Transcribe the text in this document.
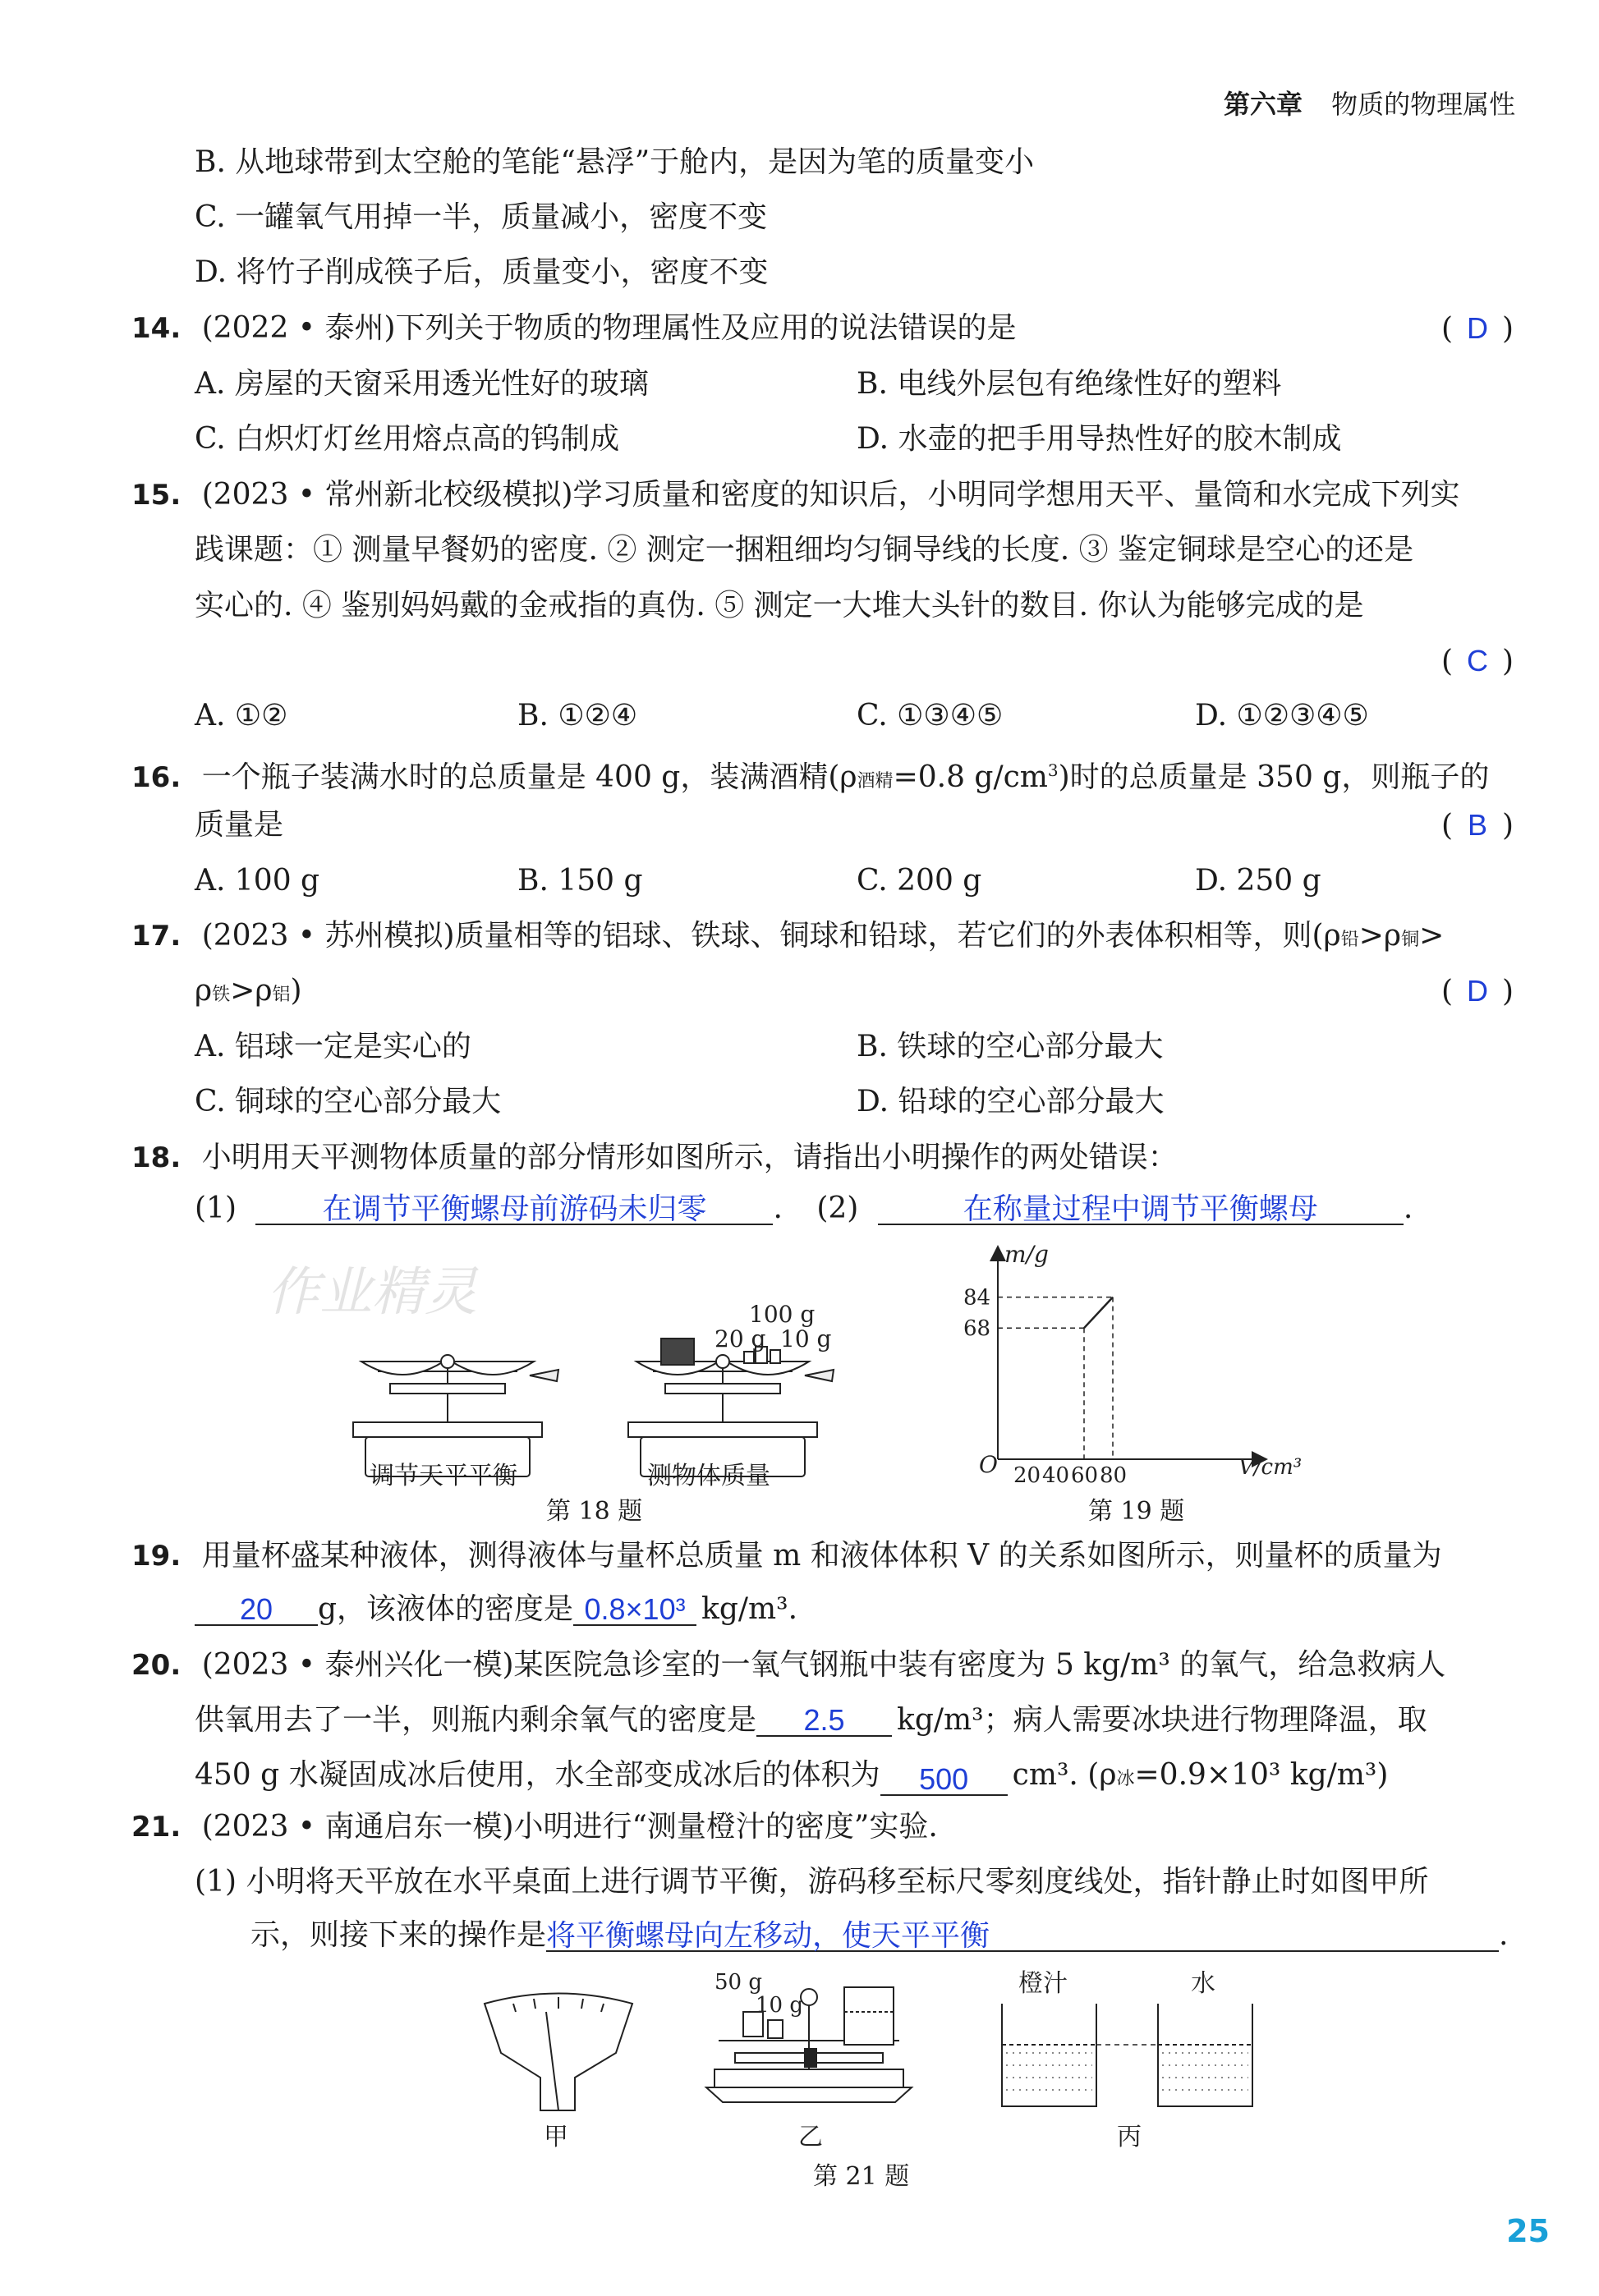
第六章 物质的物理属性
B. 从地球带到太空舱的笔能“悬浮”于舱内，是因为笔的质量变小
C. 一罐氧气用掉一半，质量减小，密度不变
D. 将竹子削成筷子后，质量变小，密度不变
14. (2022 • 泰州)下列关于物质的物理属性及应用的说法错误的是	( D )
A. 房屋的天窗采用透光性好的玻璃	B. 电线外层包有绝缘性好的塑料
C. 白炽灯灯丝用熔点高的钨制成	D. 水壶的把手用导热性好的胶木制成
15. (2023 • 常州新北校级模拟)学习质量和密度的知识后，小明同学想用天平、量筒和水完成下列实
践课题：① 测量早餐奶的密度. ② 测定一捆粗细均匀铜导线的长度. ③ 鉴定铜球是空心的还是
实心的. ④ 鉴别妈妈戴的金戒指的真伪. ⑤ 测定一大堆大头针的数目. 你认为能够完成的是
( C )
A. ①②	B. ①②④	C. ①③④⑤	D. ①②③④⑤
16. 一个瓶子装满水时的总质量是 400 g，装满酒精(ρ酒精=0.8 $g/cm^3$)时的总质量是 350 g，则瓶子的
质量是	( B )
A. 100 g	B. 150 g	C. 200 g	D. 250 g
17. (2023 • 苏州模拟)质量相等的铝球、铁球、铜球和铅球，若它们的外表体积相等，则(ρ铅>ρ铜>
ρ铁>ρ铝)	( D )
A. 铝球一定是实心的	B. 铁球的空心部分最大
C. 铜球的空心部分最大	D. 铅球的空心部分最大
18. 小明用天平测物体质量的部分情形如图所示，请指出小明操作的两处错误：
(1)	在调节平衡螺母前游码未归零 . (2)	在称量过程中调节平衡螺母	.
作业精灵	100 g
20 g 10 g
调节天平平衡	测物体质量
第 18 题
m/g
V/cm³
O 20 40 60 80
68
84
第 19 题
19. 用量杯盛某种液体，测得液体与量杯总质量 m 和液体体积 V 的关系如图所示，则量杯的质量为
20 g，该液体的密度是 0.8×10³ kg/m³.
20. (2023 • 泰州兴化一模)某医院急诊室的一氧气钢瓶中装有密度为 5 kg/m³ 的氧气，给急救病人
供氧用去了一半，则瓶内剩余氧气的密度是 2.5 kg/m³；病人需要冰块进行物理降温，取
450 g 水凝固成冰后使用，水全部变成冰后的体积为 500 cm³. (ρ冰=0.9×10³ kg/m³)
21. (2023 • 南通启东一模)小明进行“测量橙汁的密度”实验.
(1) 小明将天平放在水平桌面上进行调节平衡，游码移至标尺零刻度线处，指针静止时如图甲所
示，则接下来的操作是将平衡螺母向左移动，使天平平衡	.
50 g
10 g
橙汁	水
甲	乙	丙
第 21 题
25
